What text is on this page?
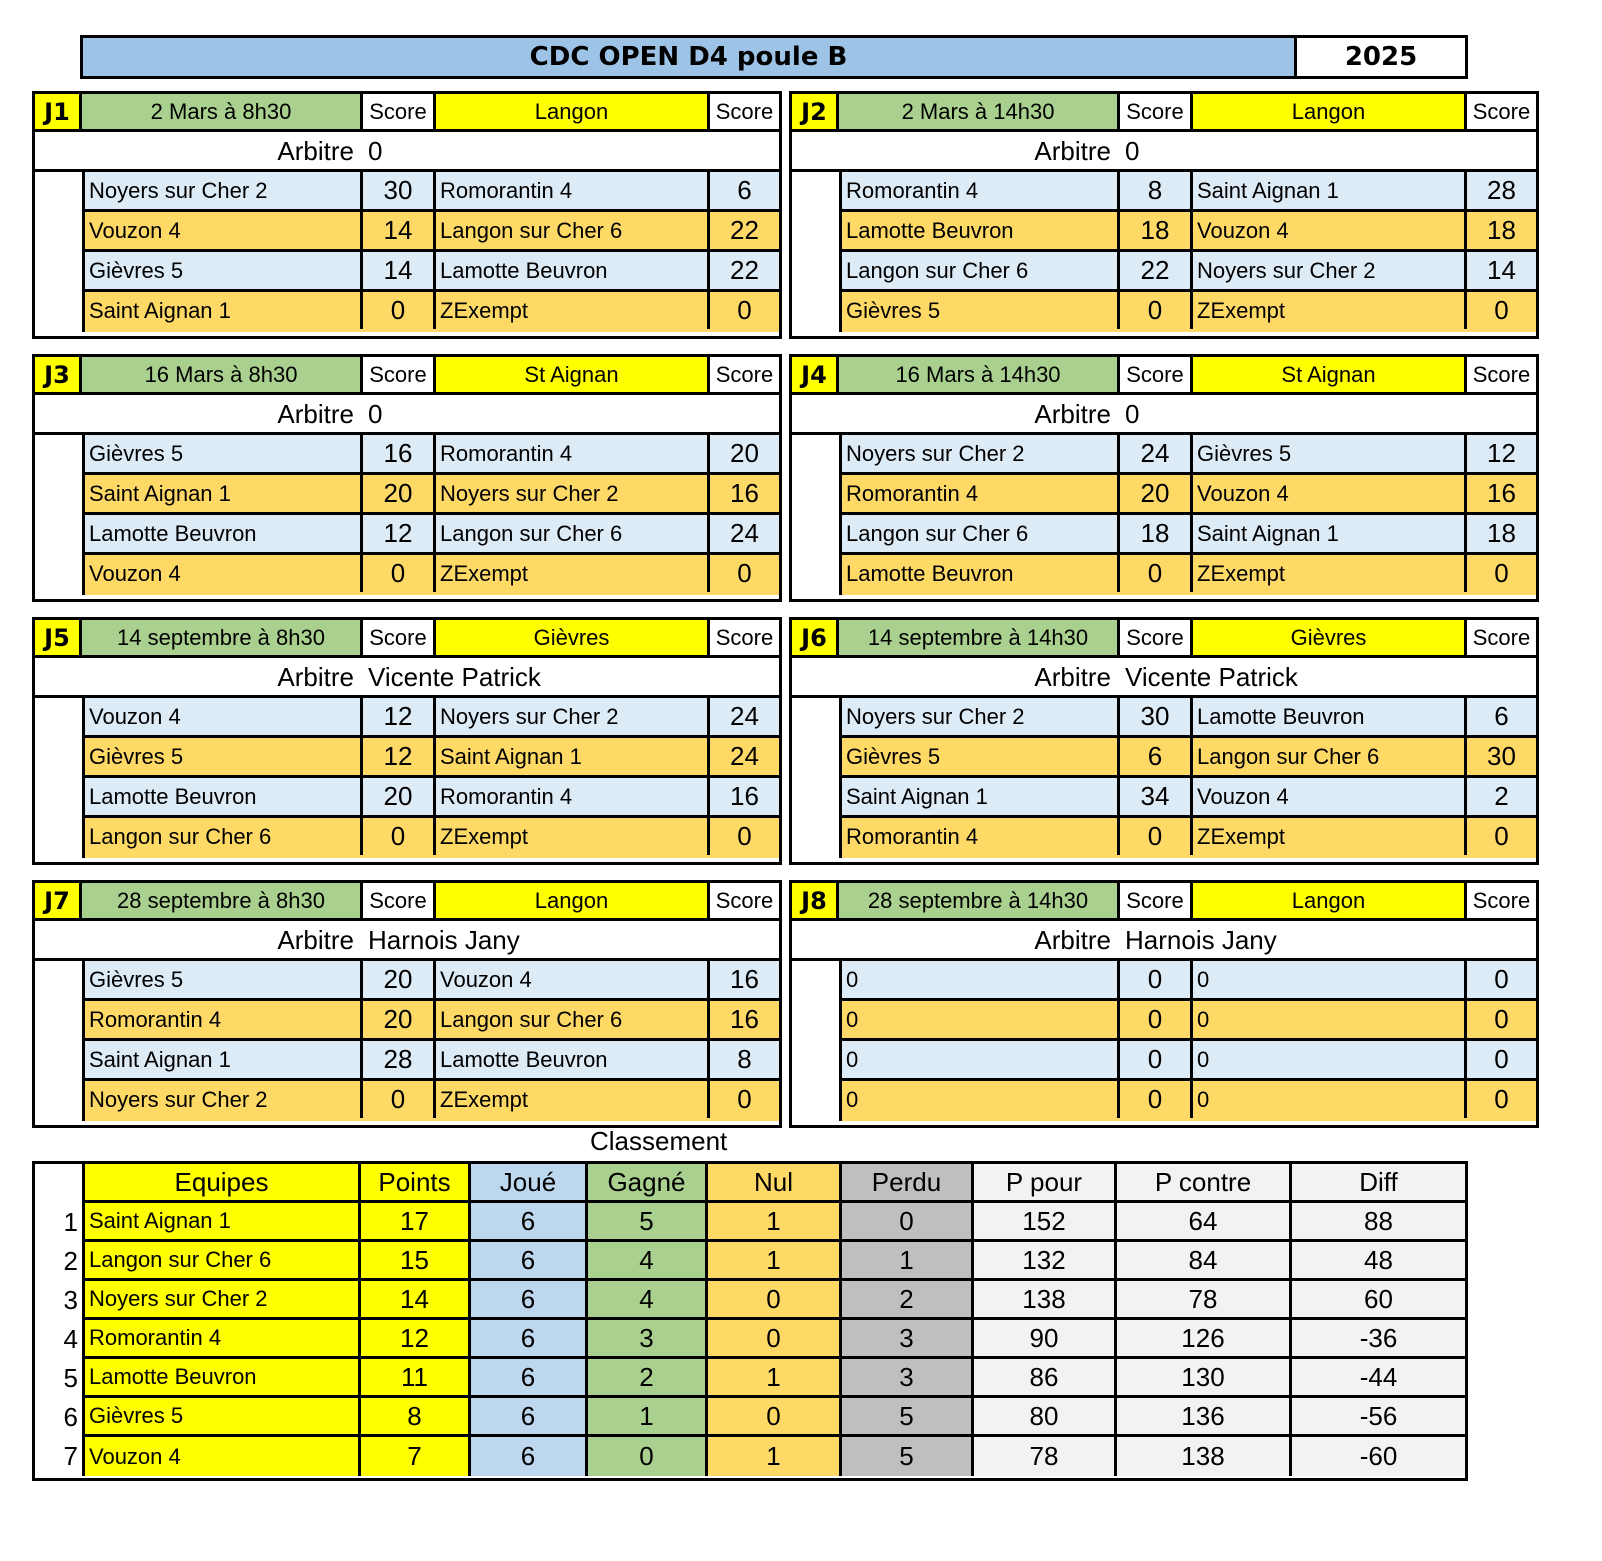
CDC OPEN D4 poule B	2025
J1	2 Mars à 8h30	Score	Langon	Score
Arbitre 0
Noyers sur Cher 2	30	Romorantin 4	6
Vouzon 4	14	Langon sur Cher 6	22
Gièvres 5	14	Lamotte Beuvron	22
Saint Aignan 1	0	ZExempt	0
J2	2 Mars à 14h30	Score	Langon	Score
Arbitre 0
Romorantin 4	8	Saint Aignan 1	28
Lamotte Beuvron	18	Vouzon 4	18
Langon sur Cher 6	22	Noyers sur Cher 2	14
Gièvres 5	0	ZExempt	0
J3	16 Mars à 8h30	Score	St Aignan	Score
Arbitre 0
Gièvres 5	16	Romorantin 4	20
Saint Aignan 1	20	Noyers sur Cher 2	16
Lamotte Beuvron	12	Langon sur Cher 6	24
Vouzon 4	0	ZExempt	0
J4	16 Mars à 14h30	Score	St Aignan	Score
Arbitre 0
Noyers sur Cher 2	24	Gièvres 5	12
Romorantin 4	20	Vouzon 4	16
Langon sur Cher 6	18	Saint Aignan 1	18
Lamotte Beuvron	0	ZExempt	0
J5	14 septembre à 8h30	Score	Gièvres	Score
Arbitre Vicente Patrick
Vouzon 4	12	Noyers sur Cher 2	24
Gièvres 5	12	Saint Aignan 1	24
Lamotte Beuvron	20	Romorantin 4	16
Langon sur Cher 6	0	ZExempt	0
J6	14 septembre à 14h30	Score	Gièvres	Score
Arbitre Vicente Patrick
Noyers sur Cher 2	30	Lamotte Beuvron	6
Gièvres 5	6	Langon sur Cher 6	30
Saint Aignan 1	34	Vouzon 4	2
Romorantin 4	0	ZExempt	0
J7	28 septembre à 8h30	Score	Langon	Score
Arbitre Harnois Jany
Gièvres 5	20	Vouzon 4	16
Romorantin 4	20	Langon sur Cher 6	16
Saint Aignan 1	28	Lamotte Beuvron	8
Noyers sur Cher 2	0	ZExempt	0
J8	28 septembre à 14h30	Score	Langon	Score
Arbitre Harnois Jany
0	0	0	0
0	0	0	0
0	0	0	0
0	0	0	0
Classement
Equipes	Points	Joué	Gagné	Nul	Perdu	P pour	P contre	Diff
1 Saint Aignan 1	17	6	5	1	0	152	64	88
2 Langon sur Cher 6	15	6	4	1	1	132	84	48
3 Noyers sur Cher 2	14	6	4	0	2	138	78	60
4 Romorantin 4	12	6	3	0	3	90	126	-36
5 Lamotte Beuvron	11	6	2	1	3	86	130	-44
6 Gièvres 5	8	6	1	0	5	80	136	-56
7 Vouzon 4	7	6	0	1	5	78	138	-60
